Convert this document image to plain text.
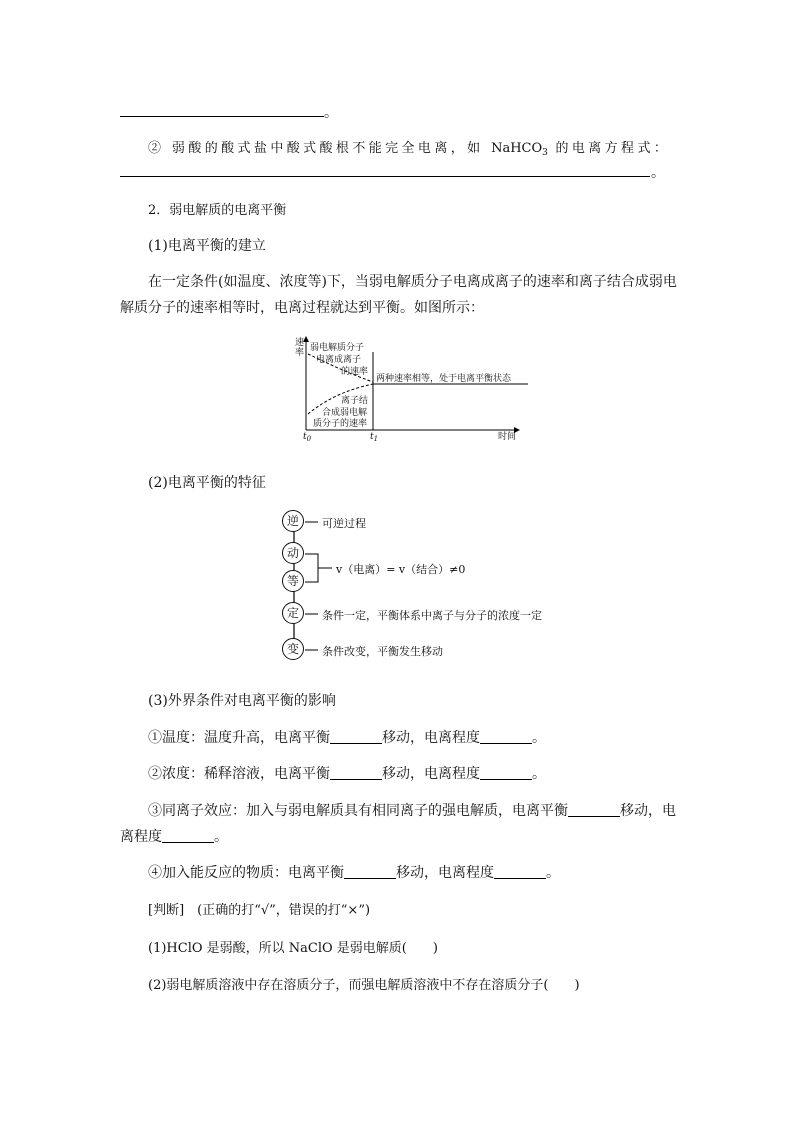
。
② 弱酸的酸式盐中酸式酸根不能完全电离，如 NaHCO$_3$ 的电离方程式：
。
2．弱电解质的电离平衡
(1)电离平衡的建立
在一定条件(如温度、浓度等)下，当弱电解质分子电离成离子的速率和离子结合成弱电
解质分子的速率相等时，电离过程就达到平衡。如图所示：
速
率 弱电解质分子
电离成离子
的速率
两种速率相等，处于电离平衡状态
离子结
合成弱电解
质分子的速率
$t_0$	$t_1$	时间
(2)电离平衡的特征
逆
动
等
定
变
可逆过程
v（电离）= v（结合）≠0
条件一定，平衡体系中离子与分子的浓度一定
条件改变，平衡发生移动
(3)外界条件对电离平衡的影响
①温度：温度升高，电离平衡	移动，电离程度	。
②浓度：稀释溶液，电离平衡	移动，电离程度	。
③同离子效应：加入与弱电解质具有相同离子的强电解质，电离平衡	移动，电
离程度	。
④加入能反应的物质：电离平衡	移动，电离程度	。
[判断]　(正确的打“√”，错误的打“×”)
(1)HClO 是弱酸，所以 NaClO 是弱电解质(　　)
(2)弱电解质溶液中存在溶质分子，而强电解质溶液中不存在溶质分子(　　)
